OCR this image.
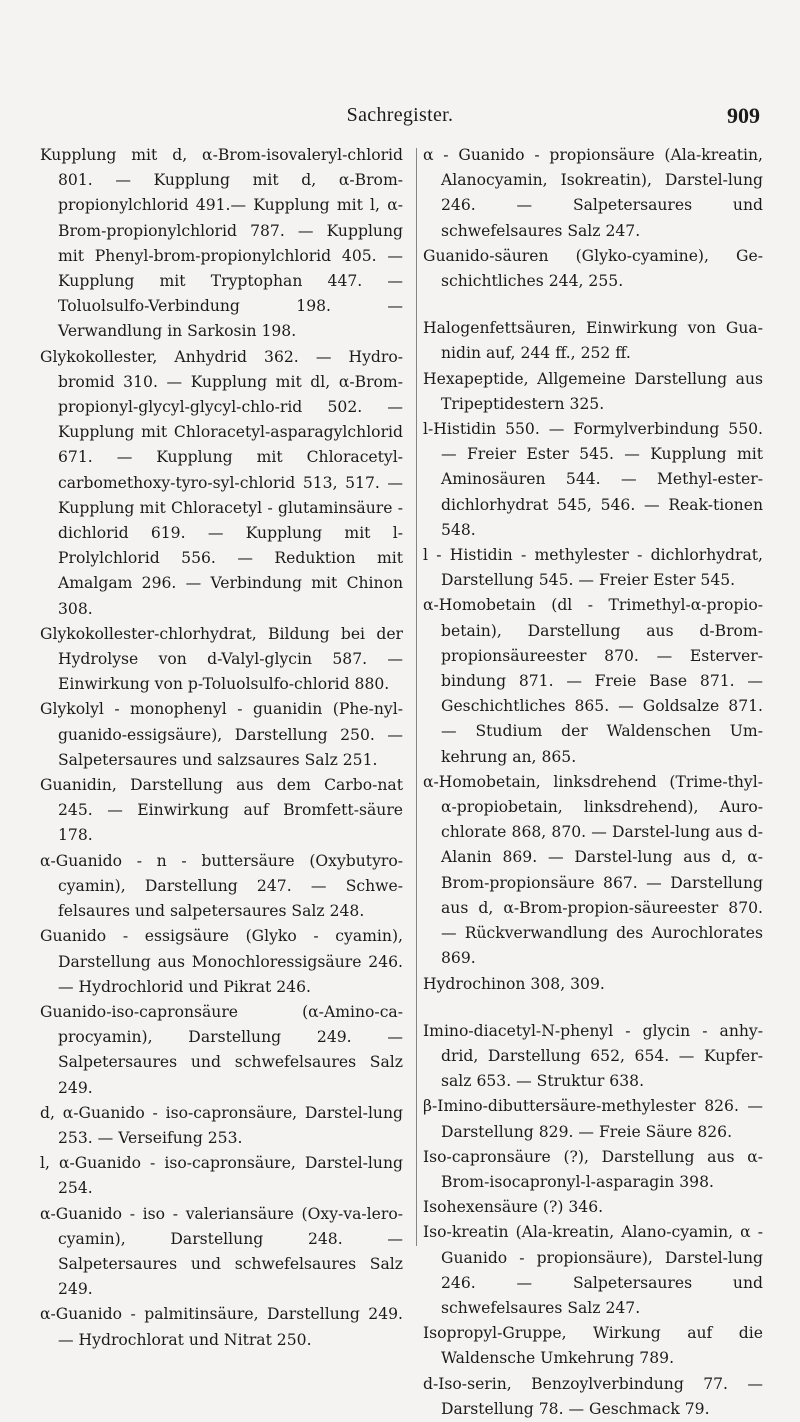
Sachregister.	909

Kupplung mit d, α-Brom-isovaleryl-chlorid 801. — Kupplung mit d, α-Brom-propionylchlorid 491.— Kupplung mit l, α-Brom-propionylchlorid 787. — Kupplung mit Phenyl-brom-propionylchlorid 405. — Kupplung mit Tryptophan 447. — Toluolsulfo-Verbindung 198. — Verwandlung in Sarkosin 198.

Glykokollester, Anhydrid 362. — Hydro-bromid 310. — Kupplung mit dl, α-Brom-propionyl-glycyl-glycyl-chlo-rid 502. — Kupplung mit Chloracetyl-asparagylchlorid 671. — Kupplung mit Chloracetyl-carbomethoxy-tyro-syl-chlorid 513, 517. — Kupplung mit Chloracetyl - glutaminsäure - dichlorid 619. — Kupplung mit l-Prolylchlorid 556. — Reduktion mit Amalgam 296. — Verbindung mit Chinon 308.

Glykokollester-chlorhydrat, Bildung bei der Hydrolyse von d-Valyl-glycin 587. — Einwirkung von p-Toluolsulfo-chlorid 880.

Glykolyl - monophenyl - guanidin (Phe-nyl-guanido-essigsäure), Darstellung 250. — Salpetersaures und salzsaures Salz 251.

Guanidin, Darstellung aus dem Carbo-nat 245. — Einwirkung auf Bromfett-säure 178.

α-Guanido - n - buttersäure (Oxybutyro-cyamin), Darstellung 247. — Schwe-felsaures und salpetersaures Salz 248.

Guanido - essigsäure (Glyko - cyamin), Darstellung aus Monochloressigsäure 246. — Hydrochlorid und Pikrat 246.

Guanido-iso-capronsäure (α-Amino-ca-procyamin), Darstellung 249. — Salpetersaures und schwefelsaures Salz 249.

d, α-Guanido - iso-capronsäure, Darstel-lung 253. — Verseifung 253.

l, α-Guanido - iso-capronsäure, Darstel-lung 254.

α-Guanido - iso - valeriansäure (Oxy-va-lero-cyamin), Darstellung 248. — Salpetersaures und schwefelsaures Salz 249.

α-Guanido - palmitinsäure, Darstellung 249. — Hydrochlorat und Nitrat 250.

α - Guanido - propionsäure (Ala-kreatin, Alanocyamin, Isokreatin), Darstel-lung 246. — Salpetersaures und schwefelsaures Salz 247.

Guanido-säuren (Glyko-cyamine), Ge-schichtliches 244, 255.

Halogenfettsäuren, Einwirkung von Gua-nidin auf, 244 ff., 252 ff.

Hexapeptide, Allgemeine Darstellung aus Tripeptidestern 325.

l-Histidin 550. — Formylverbindung 550. — Freier Ester 545. — Kupplung mit Aminosäuren 544. — Methyl-ester-dichlorhydrat 545, 546. — Reak-tionen 548.

l - Histidin - methylester - dichlorhydrat, Darstellung 545. — Freier Ester 545.

α-Homobetain (dl - Trimethyl-α-propio-betain), Darstellung aus d-Brom-propionsäureester 870. — Esterver-bindung 871. — Freie Base 871. — Geschichtliches 865. — Goldsalze 871. — Studium der Waldenschen Um-kehrung an, 865.

α-Homobetain, linksdrehend (Trime-thyl-α-propiobetain, linksdrehend), Auro-chlorate 868, 870. — Darstel-lung aus d-Alanin 869. — Darstel-lung aus d, α-Brom-propionsäure 867. — Darstellung aus d, α-Brom-propion-säureester 870. — Rückverwandlung des Aurochlorates 869.

Hydrochinon 308, 309.

Imino-diacetyl-N-phenyl - glycin - anhy-drid, Darstellung 652, 654. — Kupfer-salz 653. — Struktur 638.

β-Imino-dibuttersäure-methylester 826. — Darstellung 829. — Freie Säure 826.

Iso-capronsäure (?), Darstellung aus α-Brom-isocapronyl-l-asparagin 398.

Isohexensäure (?) 346.

Iso-kreatin (Ala-kreatin, Alano-cyamin, α - Guanido - propionsäure), Darstel-lung 246. — Salpetersaures und schwefelsaures Salz 247.

Isopropyl-Gruppe, Wirkung auf die Waldensche Umkehrung 789.

d-Iso-serin, Benzoylverbindung 77. — Darstellung 78. — Geschmack 79.
